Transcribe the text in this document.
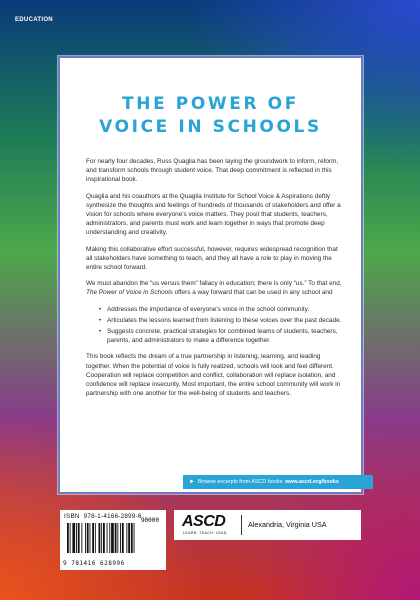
EDUCATION
THE POWER OF
VOICE IN SCHOOLS

For nearly four decades, Russ Quaglia has been laying the groundwork to inform, reform, and transform schools through student voice. That deep commitment is reflected in this inspirational book.

Quaglia and his coauthors at the Quaglia Institute for School Voice & Aspirations deftly synthesize the thoughts and feelings of hundreds of thousands of stakeholders and offer a vision for schools where everyone's voice matters. They posit that students, teachers, administrators, and parents must work and learn together in ways that promote deep understanding and creativity.

Making this collaborative effort successful, however, requires widespread recognition that all stakeholders have something to teach, and they all have a role to play in moving the entire school forward.

We must abandon the “us versus them” fallacy in education; there is only “us.” To that end, The Power of Voice in Schools offers a way forward that can be used in any school and

• Addresses the importance of everyone's voice in the school community.
• Articulates the lessons learned from listening to these voices over the past decade.
• Suggests concrete, practical strategies for combined teams of students, teachers, parents, and administrators to make a difference together.

This book reflects the dream of a true partnership in listening, learning, and leading together. When the potential of voice is fully realized, schools will look and feel different. Cooperation will replace competition and conflict, collaboration will replace isolation, and confidence will replace insecurity. Most important, the entire school community will work in partnership with one another for the well-being of students and teachers.

► Browse excerpts from ASCD books: www.ascd.org/books
ISBN 978-1-4166-2899-6
90000
9 781416 628996
ASCD
LEARN. TEACH. LEAD.
Alexandria, Virginia USA
